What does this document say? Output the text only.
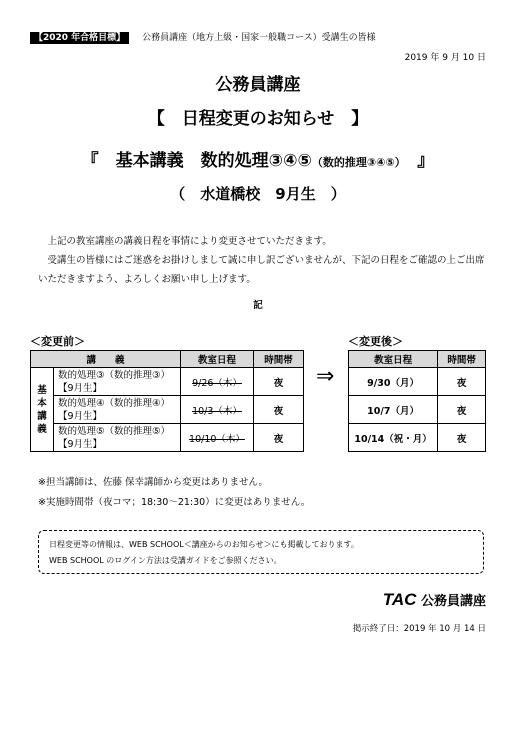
【2020 年合格目標】 公務員講座（地方上級・国家一般職コース）受講生の皆様
2019 年 9 月 10 日
公務員講座
【　日程変更のお知らせ　】
『　基本講義　数的処理③④⑤（数的推理③④⑤）　』
（　水道橋校　9月生　）

上記の教室講座の講義日程を事情により変更させていただきます。

受講生の皆様にはご迷惑をお掛けしまして誠に申し訳ございませんが、下記の日程をご確認の上ご出席いただきますよう、よろしくお願い申し上げます。

記
＜変更前＞
講　　義		教室日程	時間帯
基本講義	数的処理③（数的推理③）
【9月生】	9/26（木）	夜

	数的処理④（数的推理④）
【9月生】	10/3（木）	夜

	数的処理⑤（数的推理⑤）
【9月生】	10/10（木）	夜
⇒
＜変更後＞
教室日程	時間帯
9/30（月）	夜
10/7（月）	夜
10/14（祝・月）	夜
※担当講師は、佐藤 保幸講師から変更はありません。
※実施時間帯（夜コマ；18:30～21:30）に変更はありません。
日程変更等の情報は、WEB SCHOOL＜講座からのお知らせ＞にも掲載しております。
WEB SCHOOL のログイン方法は受講ガイドをご参照ください。
TAC 公務員講座
掲示終了日：2019 年 10 月 14 日
